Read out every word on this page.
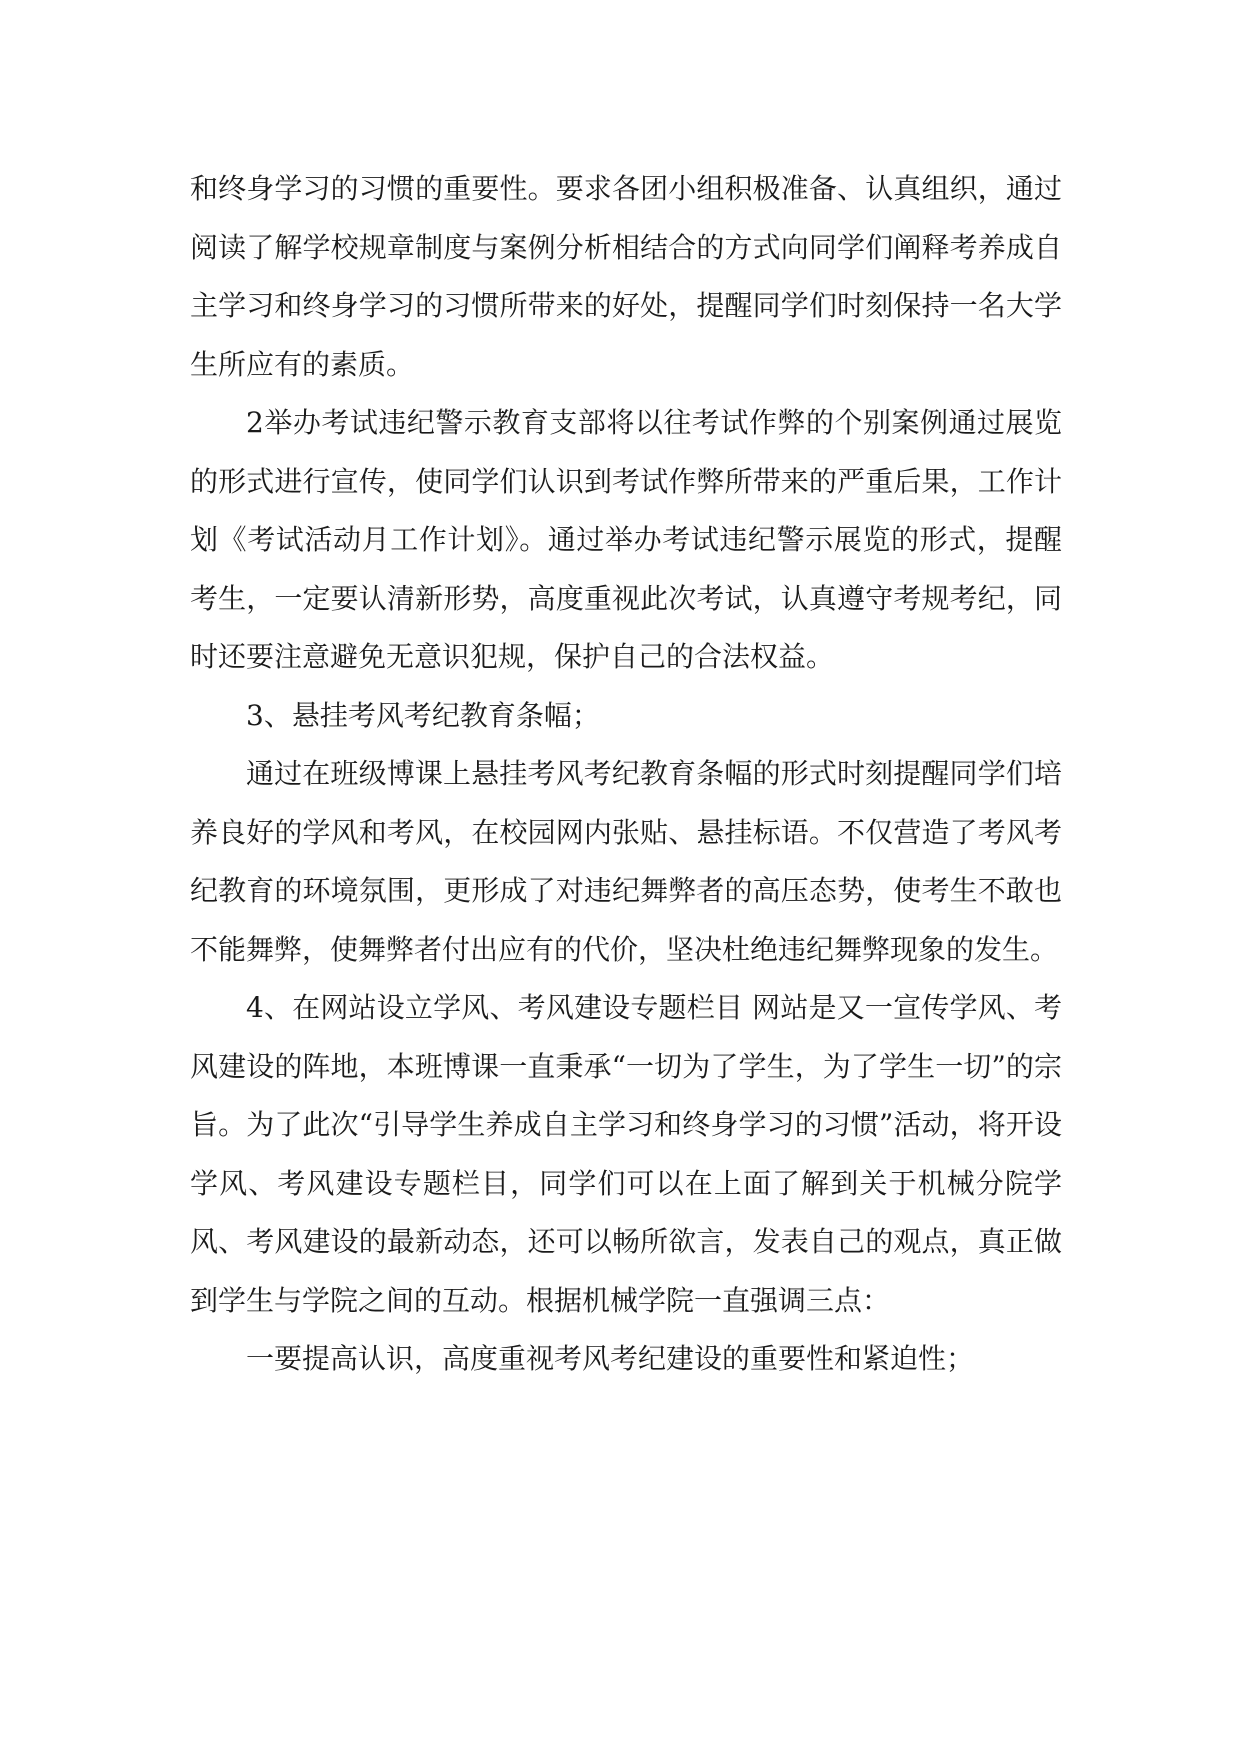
和终身学习的习惯的重要性。要求各团小组积极准备、认真组织，通过阅读了解学校规章制度与案例分析相结合的方式向同学们阐释考养成自主学习和终身学习的习惯所带来的好处，提醒同学们时刻保持一名大学生所应有的素质。

2举办考试违纪警示教育支部将以往考试作弊的个别案例通过展览的形式进行宣传，使同学们认识到考试作弊所带来的严重后果，工作计划《考试活动月工作计划》。通过举办考试违纪警示展览的形式，提醒考生，一定要认清新形势，高度重视此次考试，认真遵守考规考纪，同时还要注意避免无意识犯规，保护自己的合法权益。

3、悬挂考风考纪教育条幅；

通过在班级博课上悬挂考风考纪教育条幅的形式时刻提醒同学们培养良好的学风和考风，在校园网内张贴、悬挂标语。不仅营造了考风考纪教育的环境氛围，更形成了对违纪舞弊者的高压态势，使考生不敢也不能舞弊，使舞弊者付出应有的代价，坚决杜绝违纪舞弊现象的发生。

4、在网站设立学风、考风建设专题栏目 网站是又一宣传学风、考风建设的阵地，本班博课一直秉承“一切为了学生，为了学生一切”的宗旨。为了此次“引导学生养成自主学习和终身学习的习惯”活动，将开设学风、考风建设专题栏目，同学们可以在上面了解到关于机械分院学风、考风建设的最新动态，还可以畅所欲言，发表自己的观点，真正做到学生与学院之间的互动。根据机械学院一直强调三点：

一要提高认识，高度重视考风考纪建设的重要性和紧迫性；
